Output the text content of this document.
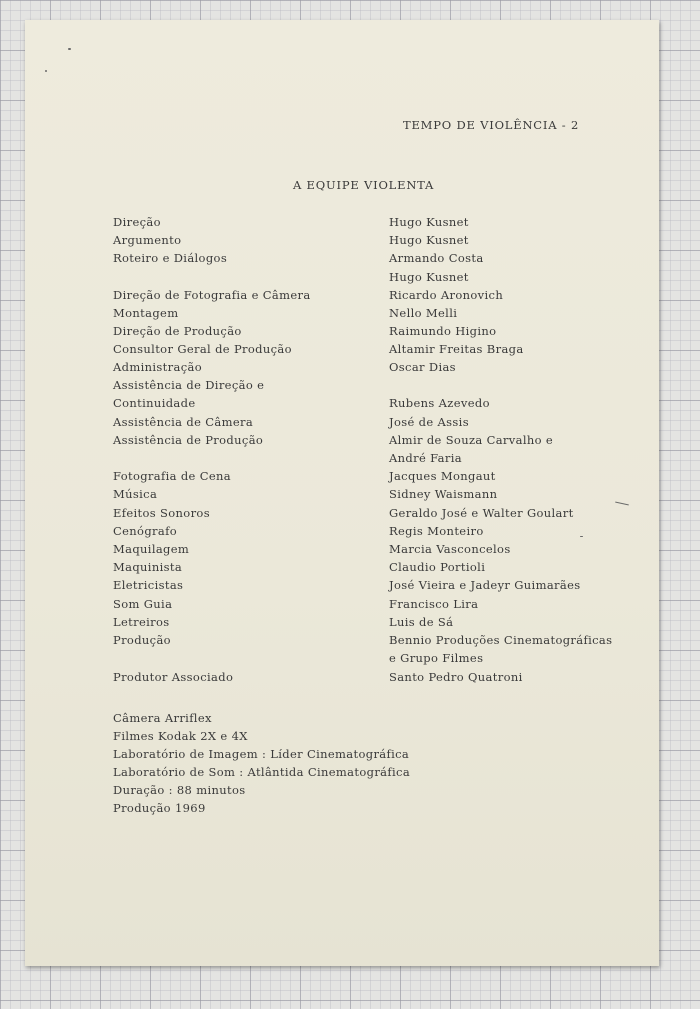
TEMPO DE VIOLÊNCIA - 2
A EQUIPE VIOLENTA
Direção	Hugo Kusnet
Argumento	Hugo Kusnet
Roteiro e Diálogos	Armando Costa
Hugo Kusnet
Direção de Fotografia e Câmera	Ricardo Aronovich
Montagem	Nello Melli
Direção de Produção	Raimundo Higino
Consultor Geral de Produção	Altamir Freitas Braga
Administração	Oscar Dias
Assistência de Direção e
Continuidade	Rubens Azevedo
Assistência de Câmera	José de Assis
Assistência de Produção	Almir de Souza Carvalho e
André Faria
Fotografia de Cena	Jacques Mongaut
Música	Sidney Waismann
Efeitos Sonoros	Geraldo José e Walter Goulart
Cenógrafo	Regis Monteiro
Maquilagem	Marcia Vasconcelos
Maquinista	Claudio Portioli
Eletricistas	José Vieira e Jadeyr Guimarães
Som Guia	Francisco Lira
Letreiros	Luis de Sá
Produção	Bennio Produções Cinematográficas
e Grupo Filmes
Produtor Associado	Santo Pedro Quatroni
Câmera Arriflex
Filmes Kodak 2X e 4X
Laboratório de Imagem : Líder Cinematográfica
Laboratório de Som : Atlântida Cinematográfica
Duração : 88 minutos
Produção 1969
